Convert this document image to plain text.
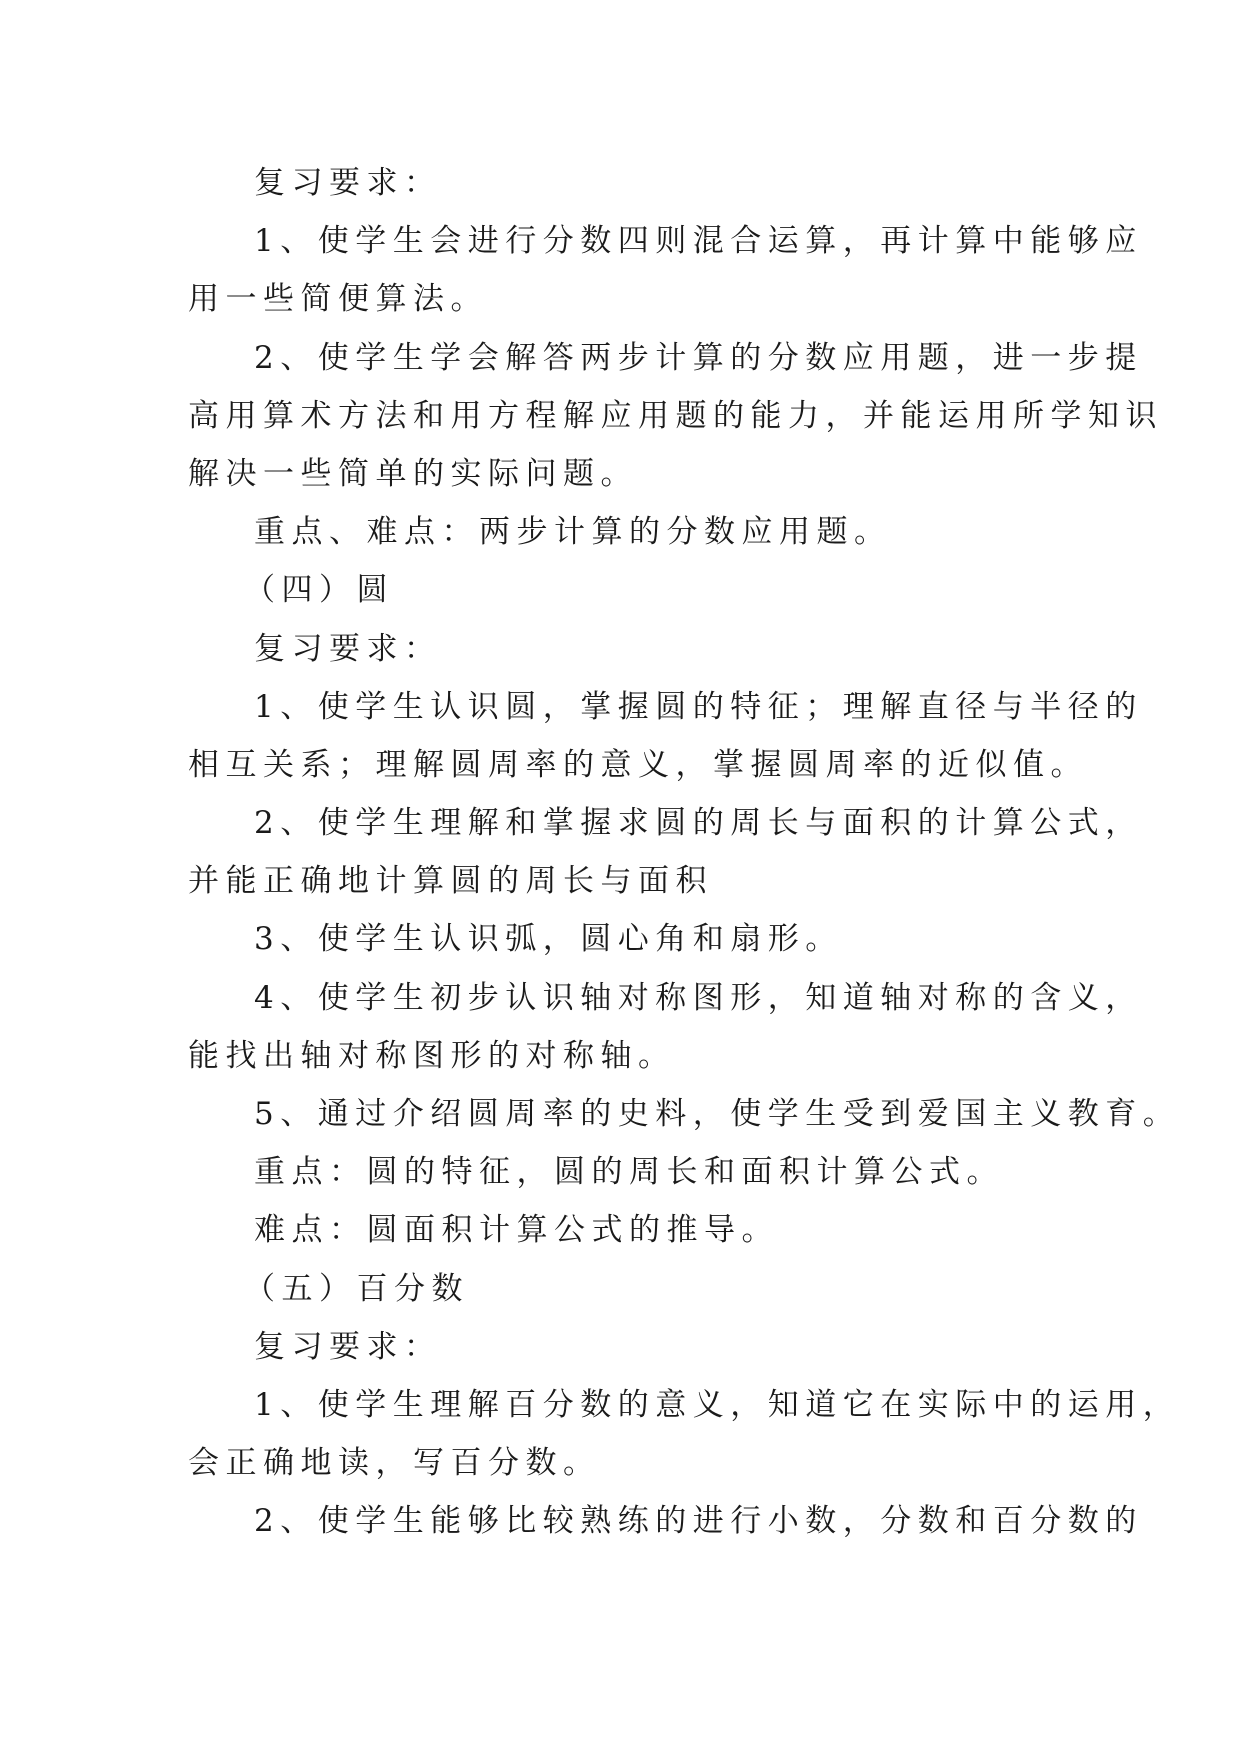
复习要求：
1、使学生会进行分数四则混合运算，再计算中能够应
用一些简便算法。
2、使学生学会解答两步计算的分数应用题，进一步提
高用算术方法和用方程解应用题的能力，并能运用所学知识
解决一些简单的实际问题。
重点、难点：两步计算的分数应用题。
（四）圆
复习要求：
1、使学生认识圆，掌握圆的特征；理解直径与半径的
相互关系；理解圆周率的意义，掌握圆周率的近似值。
2、使学生理解和掌握求圆的周长与面积的计算公式，
并能正确地计算圆的周长与面积
3、使学生认识弧，圆心角和扇形。
4、使学生初步认识轴对称图形，知道轴对称的含义，
能找出轴对称图形的对称轴。
5、通过介绍圆周率的史料，使学生受到爱国主义教育。
重点：圆的特征，圆的周长和面积计算公式。
难点：圆面积计算公式的推导。
（五）百分数
复习要求：
1、使学生理解百分数的意义，知道它在实际中的运用，
会正确地读，写百分数。
2、使学生能够比较熟练的进行小数，分数和百分数的
